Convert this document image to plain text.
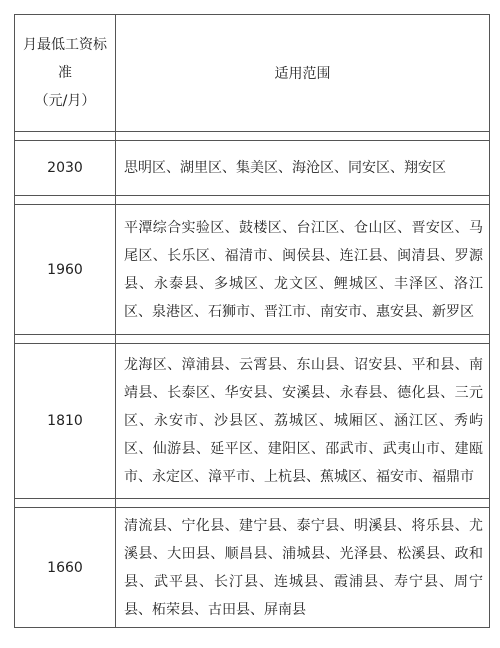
月最低工资标
准
（元/月）	适用范围

2030	思明区、湖里区、集美区、海沧区、同安区、翔安区

1960	平潭综合实验区、鼓楼区、台江区、仓山区、晋安区、马尾区、长乐区、福清市、闽侯县、连江县、闽清县、罗源县、永泰县、多城区、龙文区、鲤城区、丰泽区、洛江区、泉港区、石狮市、晋江市、南安市、惠安县、新罗区

1810	龙海区、漳浦县、云霄县、东山县、诏安县、平和县、南靖县、长泰区、华安县、安溪县、永春县、德化县、三元区、永安市、沙县区、荔城区、城厢区、涵江区、秀屿区、仙游县、延平区、建阳区、邵武市、武夷山市、建瓯市、永定区、漳平市、上杭县、蕉城区、福安市、福鼎市

1660	清流县、宁化县、建宁县、泰宁县、明溪县、将乐县、尤溪县、大田县、顺昌县、浦城县、光泽县、松溪县、政和县、武平县、长汀县、连城县、霞浦县、寿宁县、周宁县、柘荣县、古田县、屏南县
